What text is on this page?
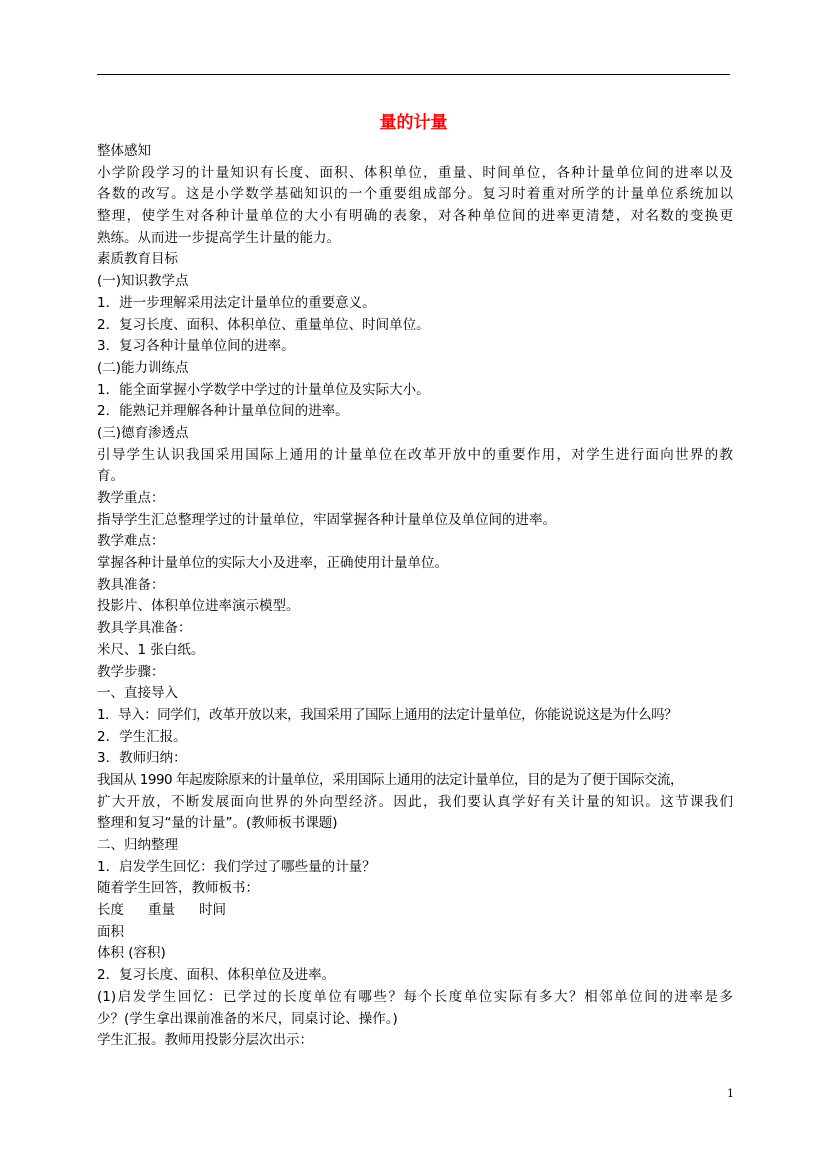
量的计量
整体感知
小学阶段学习的计量知识有长度、面积、体积单位，重量、时间单位，各种计量单位间的进率以及
各数的改写。这是小学数学基础知识的一个重要组成部分。复习时着重对所学的计量单位系统加以
整理，使学生对各种计量单位的大小有明确的表象，对各种单位间的进率更清楚，对名数的变换更
熟练。从而进一步提高学生计量的能力。
素质教育目标
(一)知识教学点
1．进一步理解采用法定计量单位的重要意义。
2．复习长度、面积、体积单位、重量单位、时间单位。
3．复习各种计量单位间的进率。
(二)能力训练点
1．能全面掌握小学数学中学过的计量单位及实际大小。
2．能熟记并理解各种计量单位间的进率。
(三)德育渗透点
引导学生认识我国采用国际上通用的计量单位在改革开放中的重要作用，对学生进行面向世界的教
育。
教学重点：
指导学生汇总整理学过的计量单位，牢固掌握各种计量单位及单位间的进率。
教学难点：
掌握各种计量单位的实际大小及进率，正确使用计量单位。
教具准备：
投影片、体积单位进率演示模型。
教具学具准备：
米尺、1 张白纸。
教学步骤：
一、直接导入
1．导入：同学们，改革开放以来，我国采用了国际上通用的法定计量单位，你能说说这是为什么吗？
2．学生汇报。
3．教师归纳：
我国从 1990 年起废除原来的计量单位，采用国际上通用的法定计量单位，目的是为了便于国际交流，
扩大开放，不断发展面向世界的外向型经济。因此，我们要认真学好有关计量的知识。这节课我们
整理和复习“量的计量”。(教师板书课题)
二、归纳整理
1．启发学生回忆：我们学过了哪些量的计量？
随着学生回答，教师板书：
长度 重量 时间
面积
体积 (容积)
2．复习长度、面积、体积单位及进率。
(1)启发学生回忆：已学过的长度单位有哪些？每个长度单位实际有多大？相邻单位间的进率是多
少？(学生拿出课前准备的米尺，同桌讨论、操作。)
学生汇报。教师用投影分层次出示：
1
